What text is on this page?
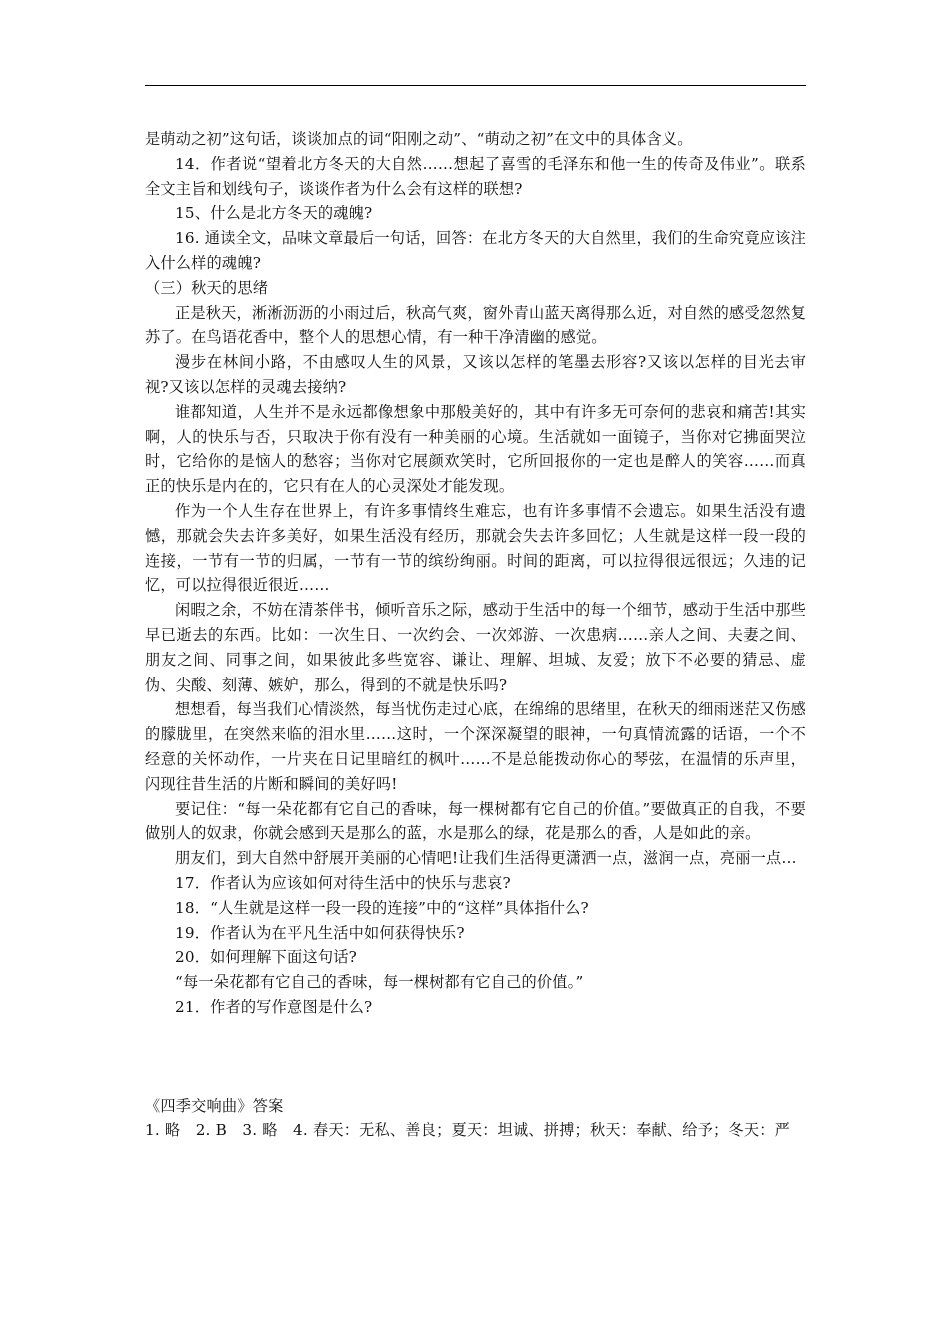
是萌动之初”这句话，谈谈加点的词“阳刚之动”、“萌动之初”在文中的具体含义。

14．作者说“望着北方冬天的大自然……想起了喜雪的毛泽东和他一生的传奇及伟业”。联系全文主旨和划线句子，谈谈作者为什么会有这样的联想?

15、什么是北方冬天的魂魄?

16. 通读全文，品味文章最后一句话，回答：在北方冬天的大自然里，我们的生命究竟应该注入什么样的魂魄?

（三）秋天的思绪

正是秋天，淅淅沥沥的小雨过后，秋高气爽，窗外青山蓝天离得那么近，对自然的感受忽然复苏了。在鸟语花香中，整个人的思想心情，有一种干净清幽的感觉。

漫步在林间小路，不由感叹人生的风景，又该以怎样的笔墨去形容?又该以怎样的目光去审视?又该以怎样的灵魂去接纳?

谁都知道，人生并不是永远都像想象中那般美好的，其中有许多无可奈何的悲哀和痛苦!其实啊，人的快乐与否，只取决于你有没有一种美丽的心境。生活就如一面镜子，当你对它拂面哭泣时，它给你的是恼人的愁容；当你对它展颜欢笑时，它所回报你的一定也是醉人的笑容……而真正的快乐是内在的，它只有在人的心灵深处才能发现。

作为一个人生存在世界上，有许多事情终生难忘，也有许多事情不会遗忘。如果生活没有遗憾，那就会失去许多美好，如果生活没有经历，那就会失去许多回忆；人生就是这样一段一段的连接，一节有一节的归属，一节有一节的缤纷绚丽。时间的距离，可以拉得很远很远；久违的记忆，可以拉得很近很近……

闲暇之余，不妨在清茶伴书，倾听音乐之际，感动于生活中的每一个细节，感动于生活中那些早已逝去的东西。比如：一次生日、一次约会、一次郊游、一次患病……亲人之间、夫妻之间、朋友之间、同事之间，如果彼此多些宽容、谦让、理解、坦城、友爱；放下不必要的猜忌、虚伪、尖酸、刻薄、嫉妒，那么，得到的不就是快乐吗?

想想看，每当我们心情淡然，每当忧伤走过心底，在绵绵的思绪里，在秋天的细雨迷茫又伤感的朦胧里，在突然来临的泪水里……这时，一个深深凝望的眼神，一句真情流露的话语，一个不经意的关怀动作，一片夹在日记里暗红的枫叶……不是总能拨动你心的琴弦，在温情的乐声里，闪现往昔生活的片断和瞬间的美好吗!

要记住：“每一朵花都有它自己的香味，每一棵树都有它自己的价值。”要做真正的自我，不要做别人的奴隶，你就会感到天是那么的蓝，水是那么的绿，花是那么的香，人是如此的亲。

朋友们，到大自然中舒展开美丽的心情吧!让我们生活得更潇洒一点，滋润一点，亮丽一点…

17．作者认为应该如何对待生活中的快乐与悲哀?

18．“人生就是这样一段一段的连接”中的“这样”具体指什么?

19．作者认为在平凡生活中如何获得快乐?

20．如何理解下面这句话?

“每一朵花都有它自己的香味，每一棵树都有它自己的价值。”

21．作者的写作意图是什么?

《四季交响曲》答案

1. 略　2. B　3. 略　4. 春天：无私、善良；夏天：坦诚、拼搏；秋天：奉献、给予；冬天：严
